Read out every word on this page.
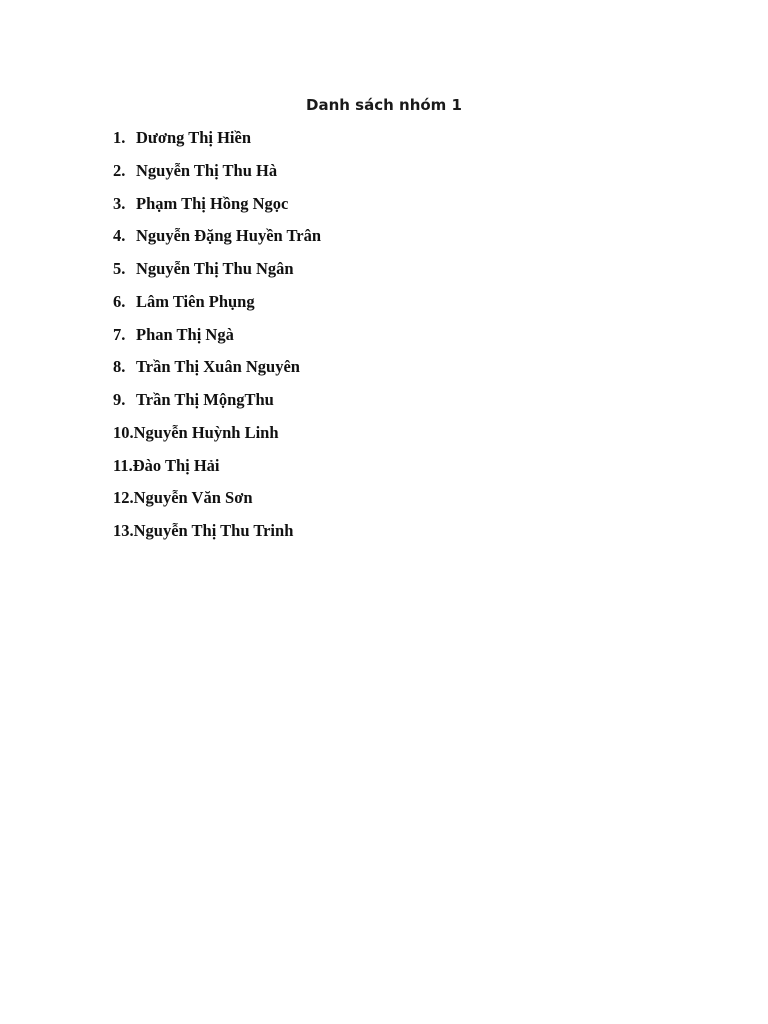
Danh sách nhóm 1
1. Dương Thị Hiền
2. Nguyễn Thị Thu Hà
3. Phạm Thị Hồng Ngọc
4. Nguyễn Đặng Huyền Trân
5. Nguyễn Thị Thu Ngân
6. Lâm Tiên Phụng
7. Phan Thị Ngà
8. Trần Thị Xuân Nguyên
9. Trần Thị MộngThu
10. Nguyễn Huỳnh Linh
11. Đào Thị Hải
12. Nguyễn Văn Sơn
13. Nguyễn Thị Thu Trinh
